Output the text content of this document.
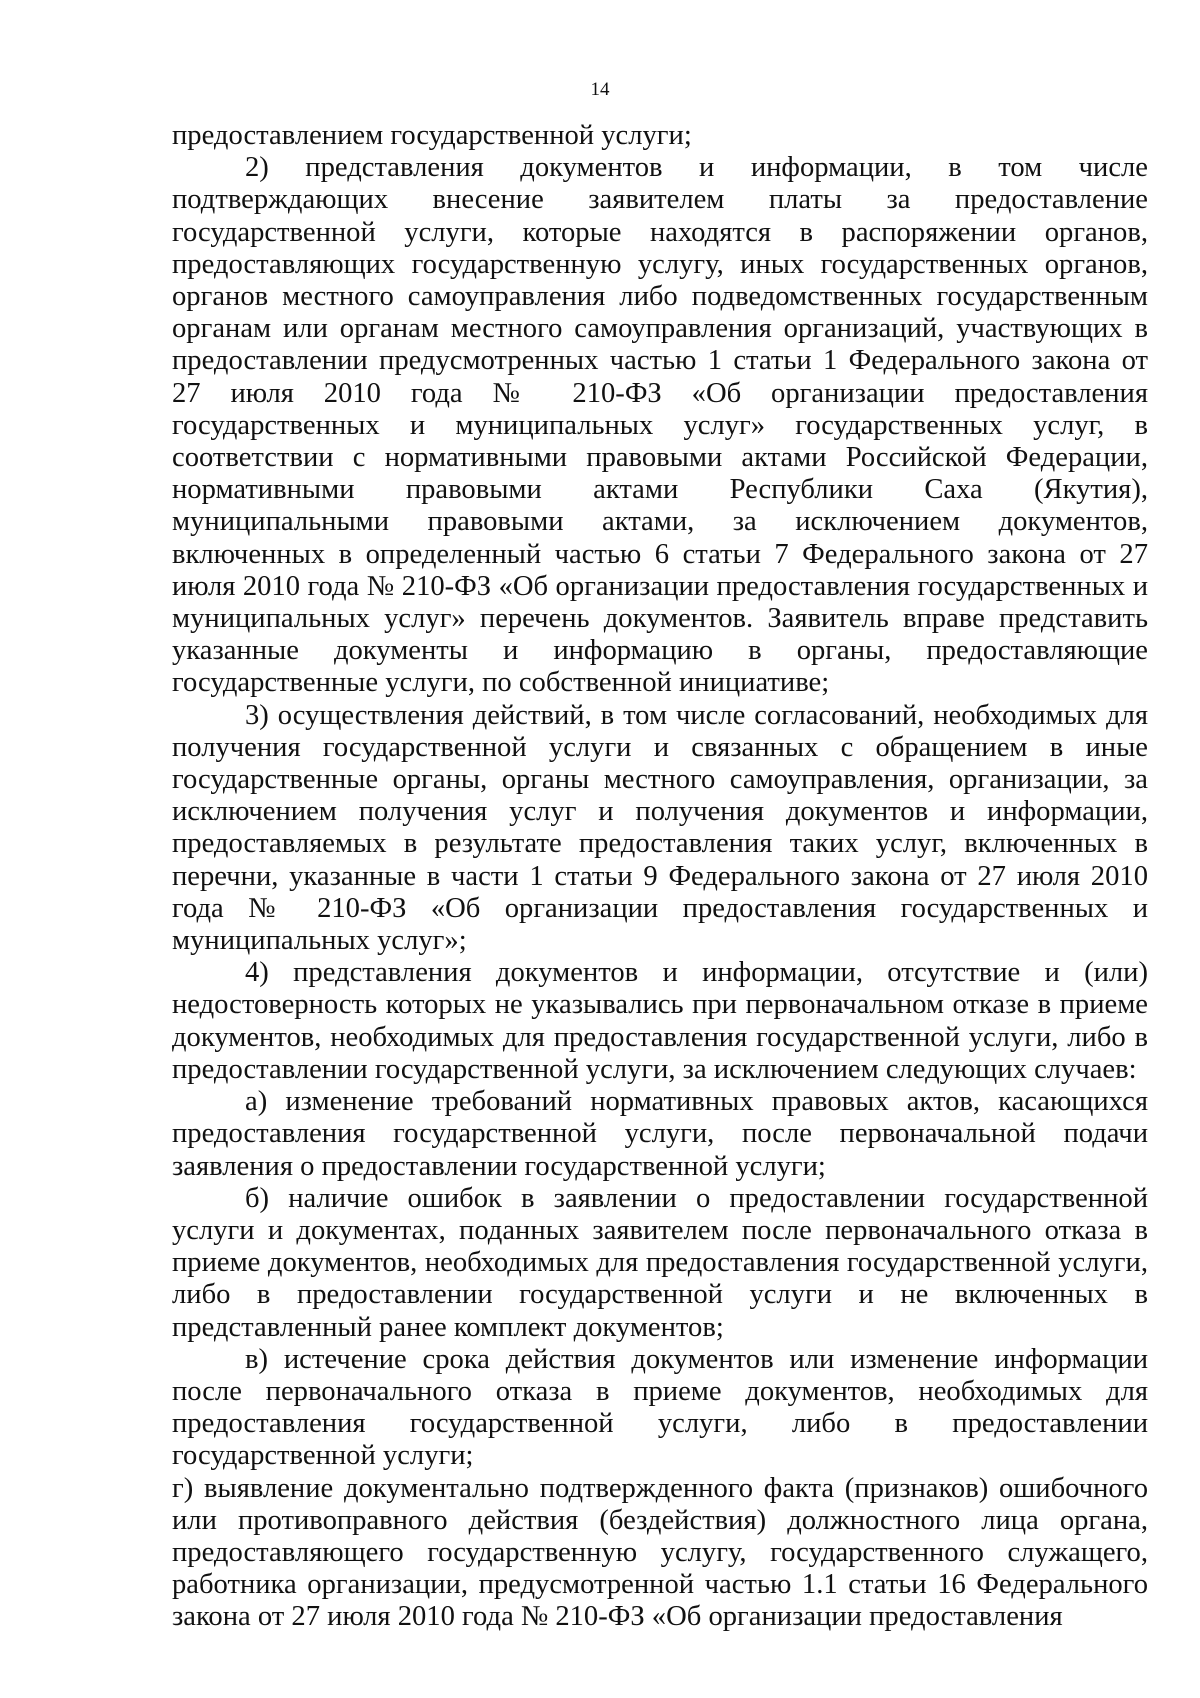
14

предоставлением государственной услуги;

2) представления документов и информации, в том числе подтверждающих внесение заявителем платы за предоставление государственной услуги, которые находятся в распоряжении органов, предоставляющих государственную услугу, иных государственных органов, органов местного самоуправления либо подведомственных государственным органам или органам местного самоуправления организаций, участвующих в предоставлении предусмотренных частью 1 статьи 1 Федерального закона от 27 июля 2010 года № 210-ФЗ «Об организации предоставления государственных и муниципальных услуг» государственных услуг, в соответствии с нормативными правовыми актами Российской Федерации, нормативными правовыми актами Республики Саха (Якутия), муниципальными правовыми актами, за исключением документов, включенных в определенный частью 6 статьи 7 Федерального закона от 27 июля 2010 года № 210-ФЗ «Об организации предоставления государственных и муниципальных услуг» перечень документов. Заявитель вправе представить указанные документы и информацию в органы, предоставляющие государственные услуги, по собственной инициативе;

3) осуществления действий, в том числе согласований, необходимых для получения государственной услуги и связанных с обращением в иные государственные органы, органы местного самоуправления, организации, за исключением получения услуг и получения документов и информации, предоставляемых в результате предоставления таких услуг, включенных в перечни, указанные в части 1 статьи 9 Федерального закона от 27 июля 2010 года № 210-ФЗ «Об организации предоставления государственных и муниципальных услуг»;

4) представления документов и информации, отсутствие и (или) недостоверность которых не указывались при первоначальном отказе в приеме документов, необходимых для предоставления государственной услуги, либо в предоставлении государственной услуги, за исключением следующих случаев:

а) изменение требований нормативных правовых актов, касающихся предоставления государственной услуги, после первоначальной подачи заявления о предоставлении государственной услуги;

б) наличие ошибок в заявлении о предоставлении государственной услуги и документах, поданных заявителем после первоначального отказа в приеме документов, необходимых для предоставления государственной услуги, либо в предоставлении государственной услуги и не включенных в представленный ранее комплект документов;

в) истечение срока действия документов или изменение информации после первоначального отказа в приеме документов, необходимых для предоставления государственной услуги, либо в предоставлении государственной услуги;

г) выявление документально подтвержденного факта (признаков) ошибочного или противоправного действия (бездействия) должностного лица органа, предоставляющего государственную услугу, государственного служащего, работника организации, предусмотренной частью 1.1 статьи 16 Федерального закона от 27 июля 2010 года № 210-ФЗ «Об организации предоставления
